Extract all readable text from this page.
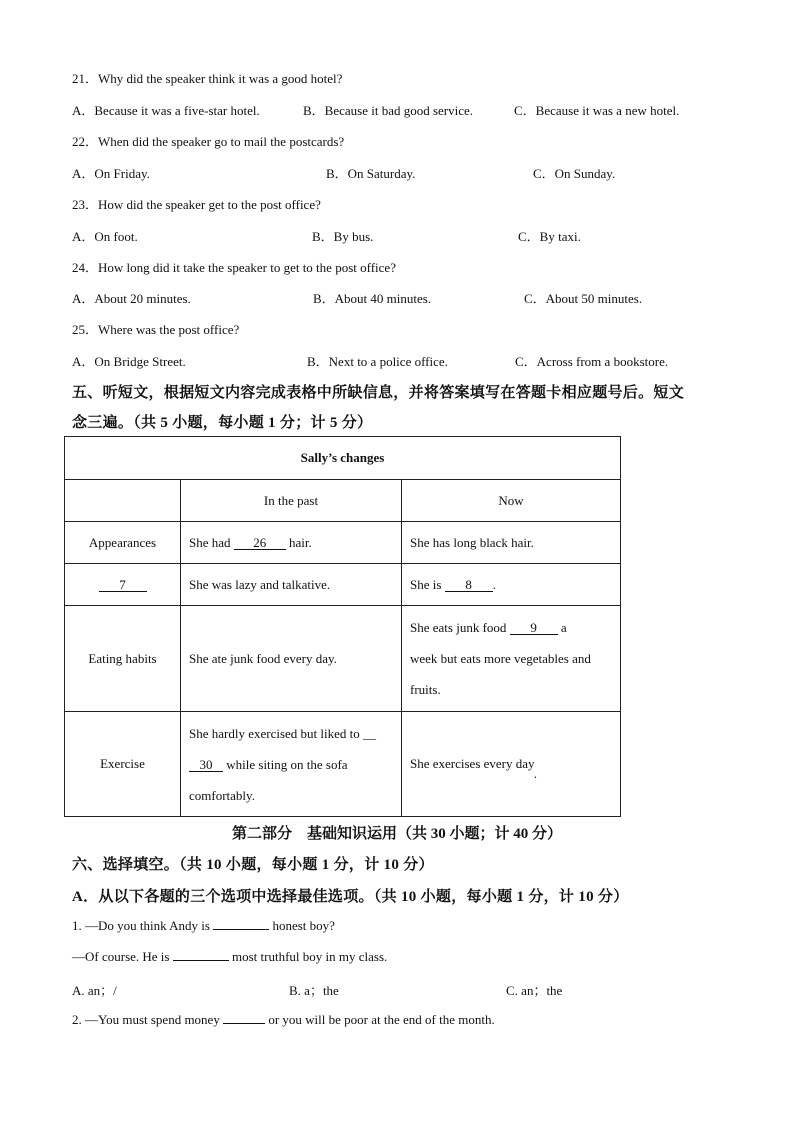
21．Why did the speaker think it was a good hotel?
A．Because it was a five-star hotel.	B．Because it bad good service.	C．Because it was a new hotel.
22．When did the speaker go to mail the postcards?
A．On Friday.	B．On Saturday.	C．On Sunday.
23．How did the speaker get to the post office?
A．On foot.	B．By bus.	C．By taxi.
24．How long did it take the speaker to get to the post office?
A．About 20 minutes.	B．About 40 minutes.	C．About 50 minutes.
25．Where was the post office?
A．On Bridge Street.	B．Next to a police office.	C．Across from a bookstore.
五、听短文，根据短文内容完成表格中所缺信息，并将答案填写在答题卡相应题号后。短文
念三遍。（共 5 小题，每小题 1 分；计 5 分）
Sally’s changes		
	In the past	Now
Appearances	She had 26 hair.	She has long black hair.
7	She was lazy and talkative.	She is 8 .
Eating habits	She ate junk food every day.	She eats junk food 9 a
week but eats more vegetables and
fruits.

Exercise	She hardly exercised but liked to __
30 while siting on the sofa
comfortably.	She exercises every day.
第二部分　基础知识运用（共 30 小题；计 40 分）
六、选择填空。（共 10 小题，每小题 1 分，计 10 分）
A．从以下各题的三个选项中选择最佳选项。（共 10 小题，每小题 1 分，计 10 分）
1. —Do you think Andy is	honest boy?
—Of course. He is	most truthful boy in my class.
A. an；/	B. a；the	C. an；the
2. —You must spend money	or you will be poor at the end of the month.
